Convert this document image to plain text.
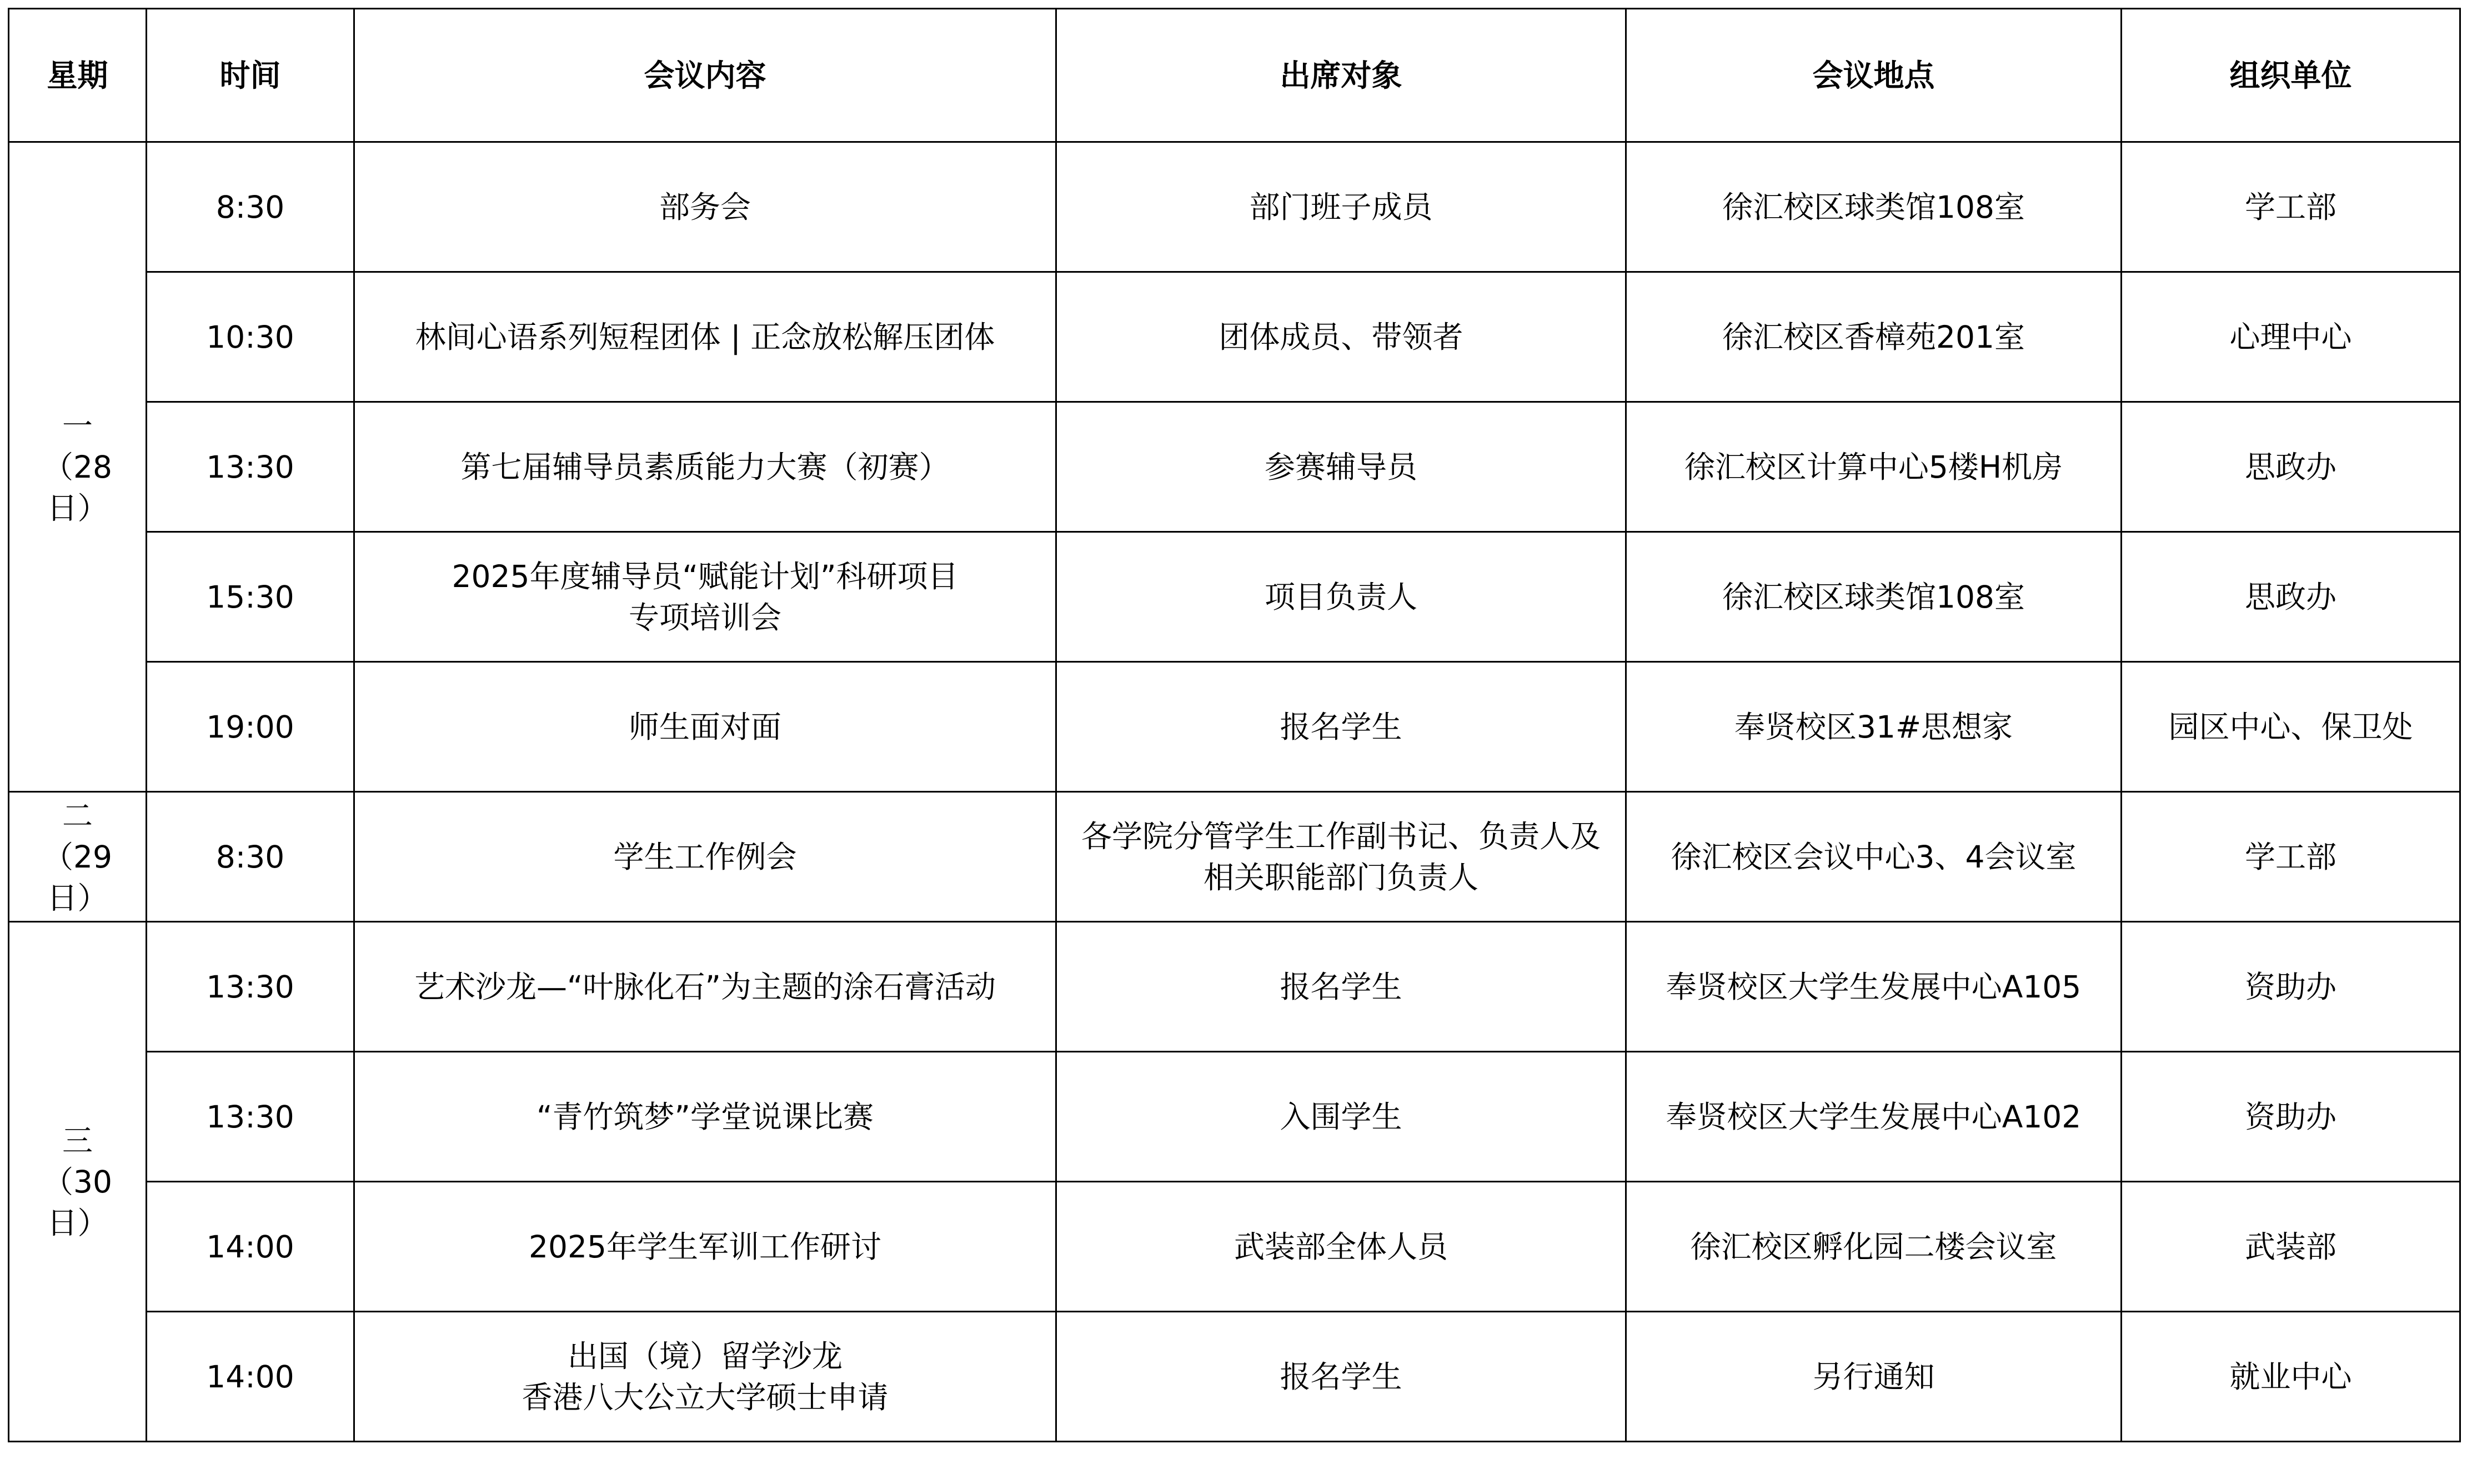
星期	时间	会议内容	出席对象	会议地点	组织单位

一
（28日）	8:30	部务会	部门班子成员	徐汇校区球类馆108室	学工部
	10:30	林间心语系列短程团体 | 正念放松解压团体	团体成员、带领者	徐汇校区香樟苑201室	心理中心
	13:30	第七届辅导员素质能力大赛（初赛）	参赛辅导员	徐汇校区计算中心5楼H机房	思政办
	15:30	2025年度辅导员“赋能计划”科研项目
专项培训会	项目负责人	徐汇校区球类馆108室	思政办
	19:00	师生面对面	报名学生	奉贤校区31#思想家	园区中心、保卫处

二
（29日）	8:30	学生工作例会	各学院分管学生工作副书记、负责人及相关职能部门负责人	徐汇校区会议中心3、4会议室	学工部

三
（30日）	13:30	艺术沙龙—“叶脉化石”为主题的涂石膏活动	报名学生	奉贤校区大学生发展中心A105	资助办
	13:30	“青竹筑梦”学堂说课比赛	入围学生	奉贤校区大学生发展中心A102	资助办
	14:00	2025年学生军训工作研讨	武装部全体人员	徐汇校区孵化园二楼会议室	武装部
	14:00	出国（境）留学沙龙
香港八大公立大学硕士申请	报名学生	另行通知	就业中心
